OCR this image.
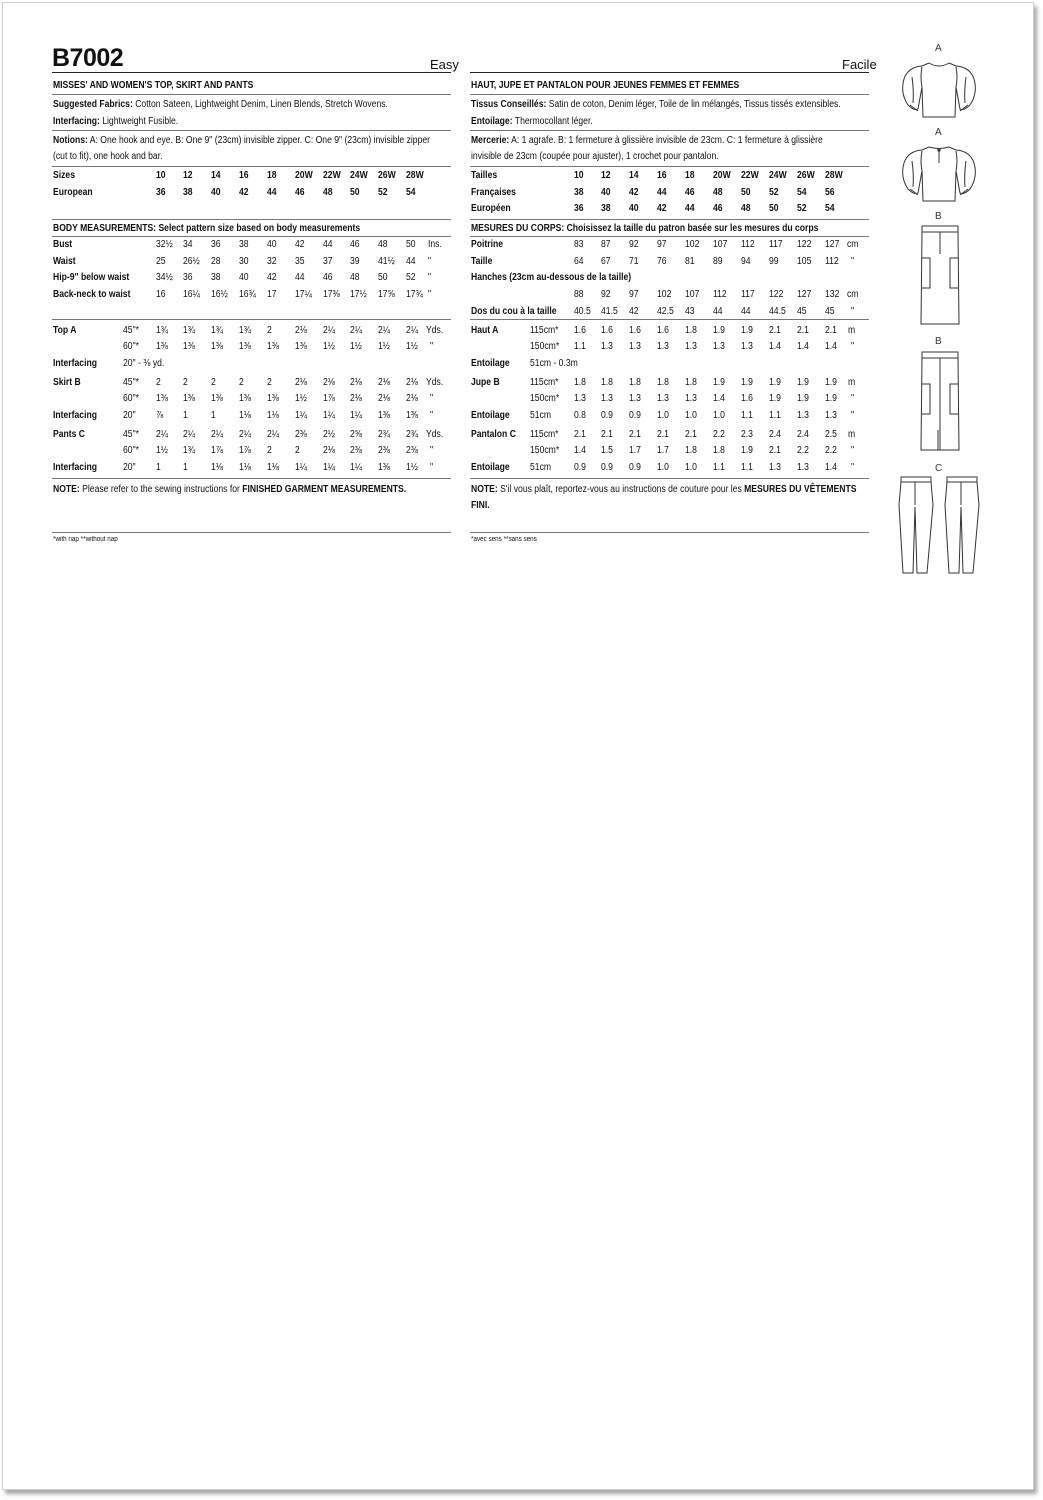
B7002	Easy
MISSES' AND WOMEN'S TOP, SKIRT AND PANTS
Suggested Fabrics: Cotton Sateen, Lightweight Denim, Linen Blends, Stretch Wovens.
Interfacing: Lightweight Fusible.
Notions: A: One hook and eye. B: One 9" (23cm) invisible zipper. C: One 9" (23cm) invisible zipper
(cut to fit), one hook and bar.
Sizes	10 12 14 16 18 20W 22W 24W 26W 28W
European	36 38 40 42 44 46 48 50 52 54
Bust	32½ 34 36 38 40 42 44 46 48 50 Ins.
Waist	25 26½ 28 30 32 35 37 39 41½ 44 "
Hip-9" below waist	34½ 36 38 40 42 44 46 48 50 52 "
Back-neck to waist	16 16¼ 16½ 16¾ 17 17¼ 17⅜ 17½ 17⅝ 17¾ "
Top A	45"* 1¾ 1¾ 1¾ 1¾ 2 2⅛ 2¼ 2¼ 2¼ 2¼ Yds.
60"* 1⅜ 1⅜ 1⅜ 1⅜ 1⅜ 1⅜ 1½ 1½ 1½ 1½ "
Interfacing	20" - ⅜ yd.
Skirt B	45"* 2 2 2 2 2 2⅛ 2⅛ 2⅛ 2⅛ 2⅛ Yds.
60"* 1⅜ 1⅜ 1⅜ 1⅜ 1⅜ 1½ 1⅞ 2⅛ 2⅛ 2⅛ "
Interfacing	20" ⅞ 1 1 1⅛ 1⅛ 1¼ 1¼ 1¼ 1⅜ 1⅜ "
Pants C	45"* 2¼ 2¼ 2¼ 2¼ 2¼ 2⅜ 2½ 2⅝ 2¾ 2¾ Yds.
60"* 1½ 1¾ 1⅞ 1⅞ 2 2 2⅛ 2⅜ 2⅜ 2⅜ "
Interfacing	20" 1 1 1⅛ 1⅛ 1⅛ 1¼ 1¼ 1¼ 1⅜ 1½ "
BODY MEASUREMENTS: Select pattern size based on body measurements
NOTE: Please refer to the sewing instructions for FINISHED GARMENT MEASUREMENTS.
*with nap **without nap
Facile
HAUT, JUPE ET PANTALON POUR JEUNES FEMMES ET FEMMES
Tissus Conseillés: Satin de coton, Denim léger, Toile de lin mélangés, Tissus tissés extensibles.
Entoilage: Thermocollant léger.
Mercerie: A: 1 agrafe. B: 1 fermeture à glissière invisible de 23cm. C: 1 fermeture à glissière
invisible de 23cm (coupée pour ajuster), 1 crochet pour pantalon.
Tailles	10 12 14 16 18 20W 22W 24W 26W 28W
Françaises	38 40 42 44 46 48 50 52 54 56
Européen	36 38 40 42 44 46 48 50 52 54
Poitrine	83 87 92 97 102 107 112 117 122 127 cm
Taille	64 67 71 76 81 89 94 99 105 112 "
Hanches (23cm au-dessous de la taille)
88 92 97 102 107 112 117 122 127 132 cm
Dos du cou à la taille 40.5 41.5 42 42.5 43 44 44 44.5 45 45 "
Haut A	115cm* 1.6 1.6 1.6 1.6 1.8 1.9 1.9 2.1 2.1 2.1 m
150cm* 1.1 1.3 1.3 1.3 1.3 1.3 1.3 1.4 1.4 1.4 "
Entoilage 51cm - 0.3m
Jupe B	115cm* 1.8 1.8 1.8 1.8 1.8 1.9 1.9 1.9 1.9 1.9 m
150cm* 1.3 1.3 1.3 1.3 1.3 1.4 1.6 1.9 1.9 1.9 "
Entoilage 51cm 0.8 0.9 0.9 1.0 1.0 1.0 1.1 1.1 1.3 1.3 "
Pantalon C 115cm* 2.1 2.1 2.1 2.1 2.1 2.2 2.3 2.4 2.4 2.5 m
150cm* 1.4 1.5 1.7 1.7 1.8 1.8 1.9 2.1 2.2 2.2 "
Entoilage 51cm 0.9 0.9 0.9 1.0 1.0 1.1 1.1 1.3 1.3 1.4 "
MESURES DU CORPS: Choisissez la taille du patron basée sur les mesures du corps
NOTE: S'il vous plaît, reportez-vous au instructions de couture pour les MESURES DU VÊTEMENTS
FINI.
*avec sens **sans sens
A
A
B
B
C
